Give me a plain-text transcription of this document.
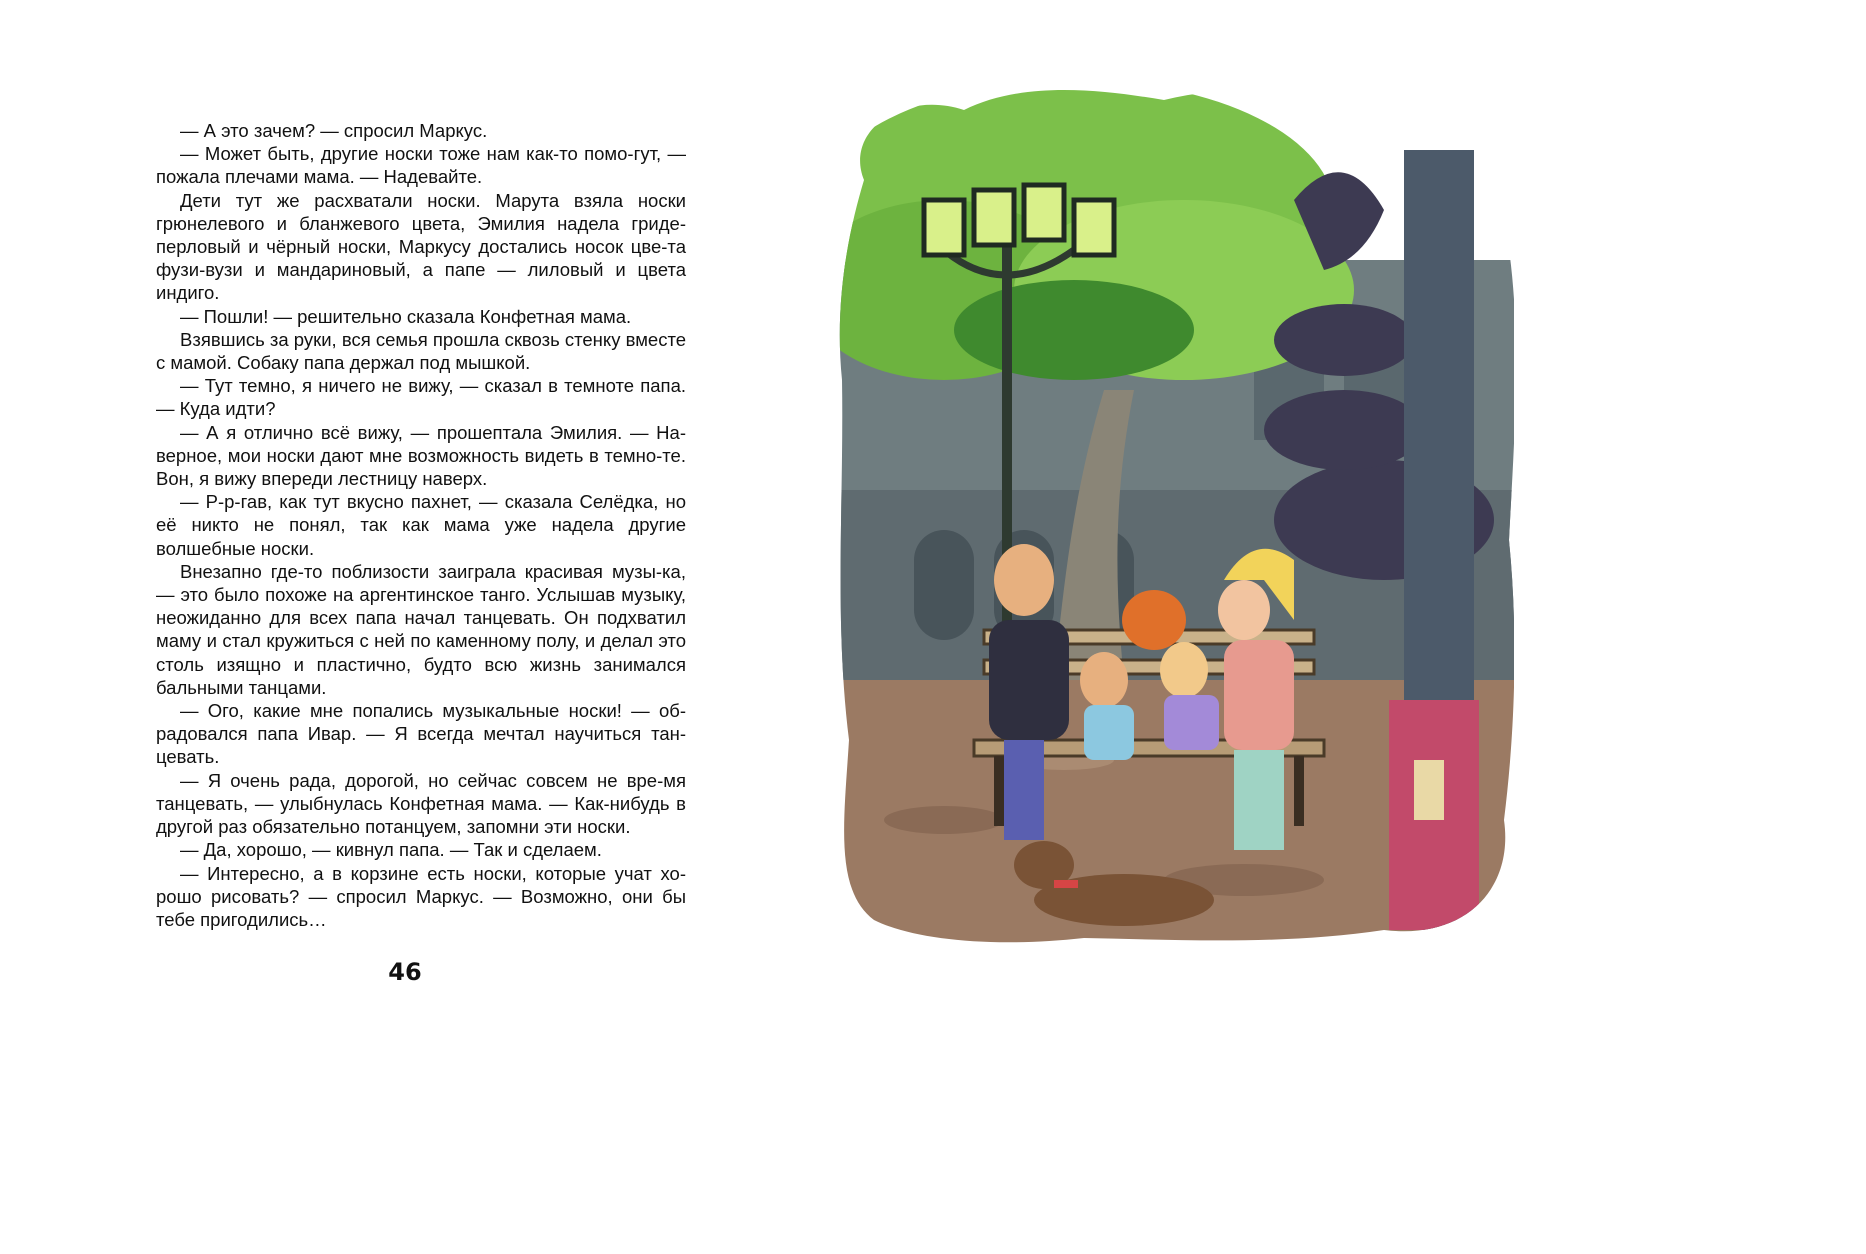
— А это зачем? — спросил Маркус.

— Может быть, другие носки тоже нам как-то помо-гут, — пожала плечами мама. — Надевайте.

Дети тут же расхватали носки. Марута взяла носки грюнелевого и бланжевого цвета, Эмилия надела гриде-перловый и чёрный носки, Маркусу достались носок цве-та фузи-вузи и мандариновый, а папе — лиловый и цвета индиго.

— Пошли! — решительно сказала Конфетная мама.

Взявшись за руки, вся семья прошла сквозь стенку вместе с мамой. Собаку папа держал под мышкой.

— Тут темно, я ничего не вижу, — сказал в темноте папа. — Куда идти?

— А я отлично всё вижу, — прошептала Эмилия. — На-верное, мои носки дают мне возможность видеть в темно-те. Вон, я вижу впереди лестницу наверх.

— Р-р-гав, как тут вкусно пахнет, — сказала Селёдка, но её никто не понял, так как мама уже надела другие волшебные носки.

Внезапно где-то поблизости заиграла красивая музы-ка, — это было похоже на аргентинское танго. Услышав музыку, неожиданно для всех папа начал танцевать. Он подхватил маму и стал кружиться с ней по каменному полу, и делал это столь изящно и пластично, будто всю жизнь занимался бальными танцами.

— Ого, какие мне попались музыкальные носки! — об-радовался папа Ивар. — Я всегда мечтал научиться тан-цевать.

— Я очень рада, дорогой, но сейчас совсем не вре-мя танцевать, — улыбнулась Конфетная мама. — Как-нибудь в другой раз обязательно потанцуем, запомни эти носки.

— Да, хорошо, — кивнул папа. — Так и сделаем.

— Интересно, а в корзине есть носки, которые учат хо-рошо рисовать? — спросил Маркус. — Возможно, они бы тебе пригодились…

46
